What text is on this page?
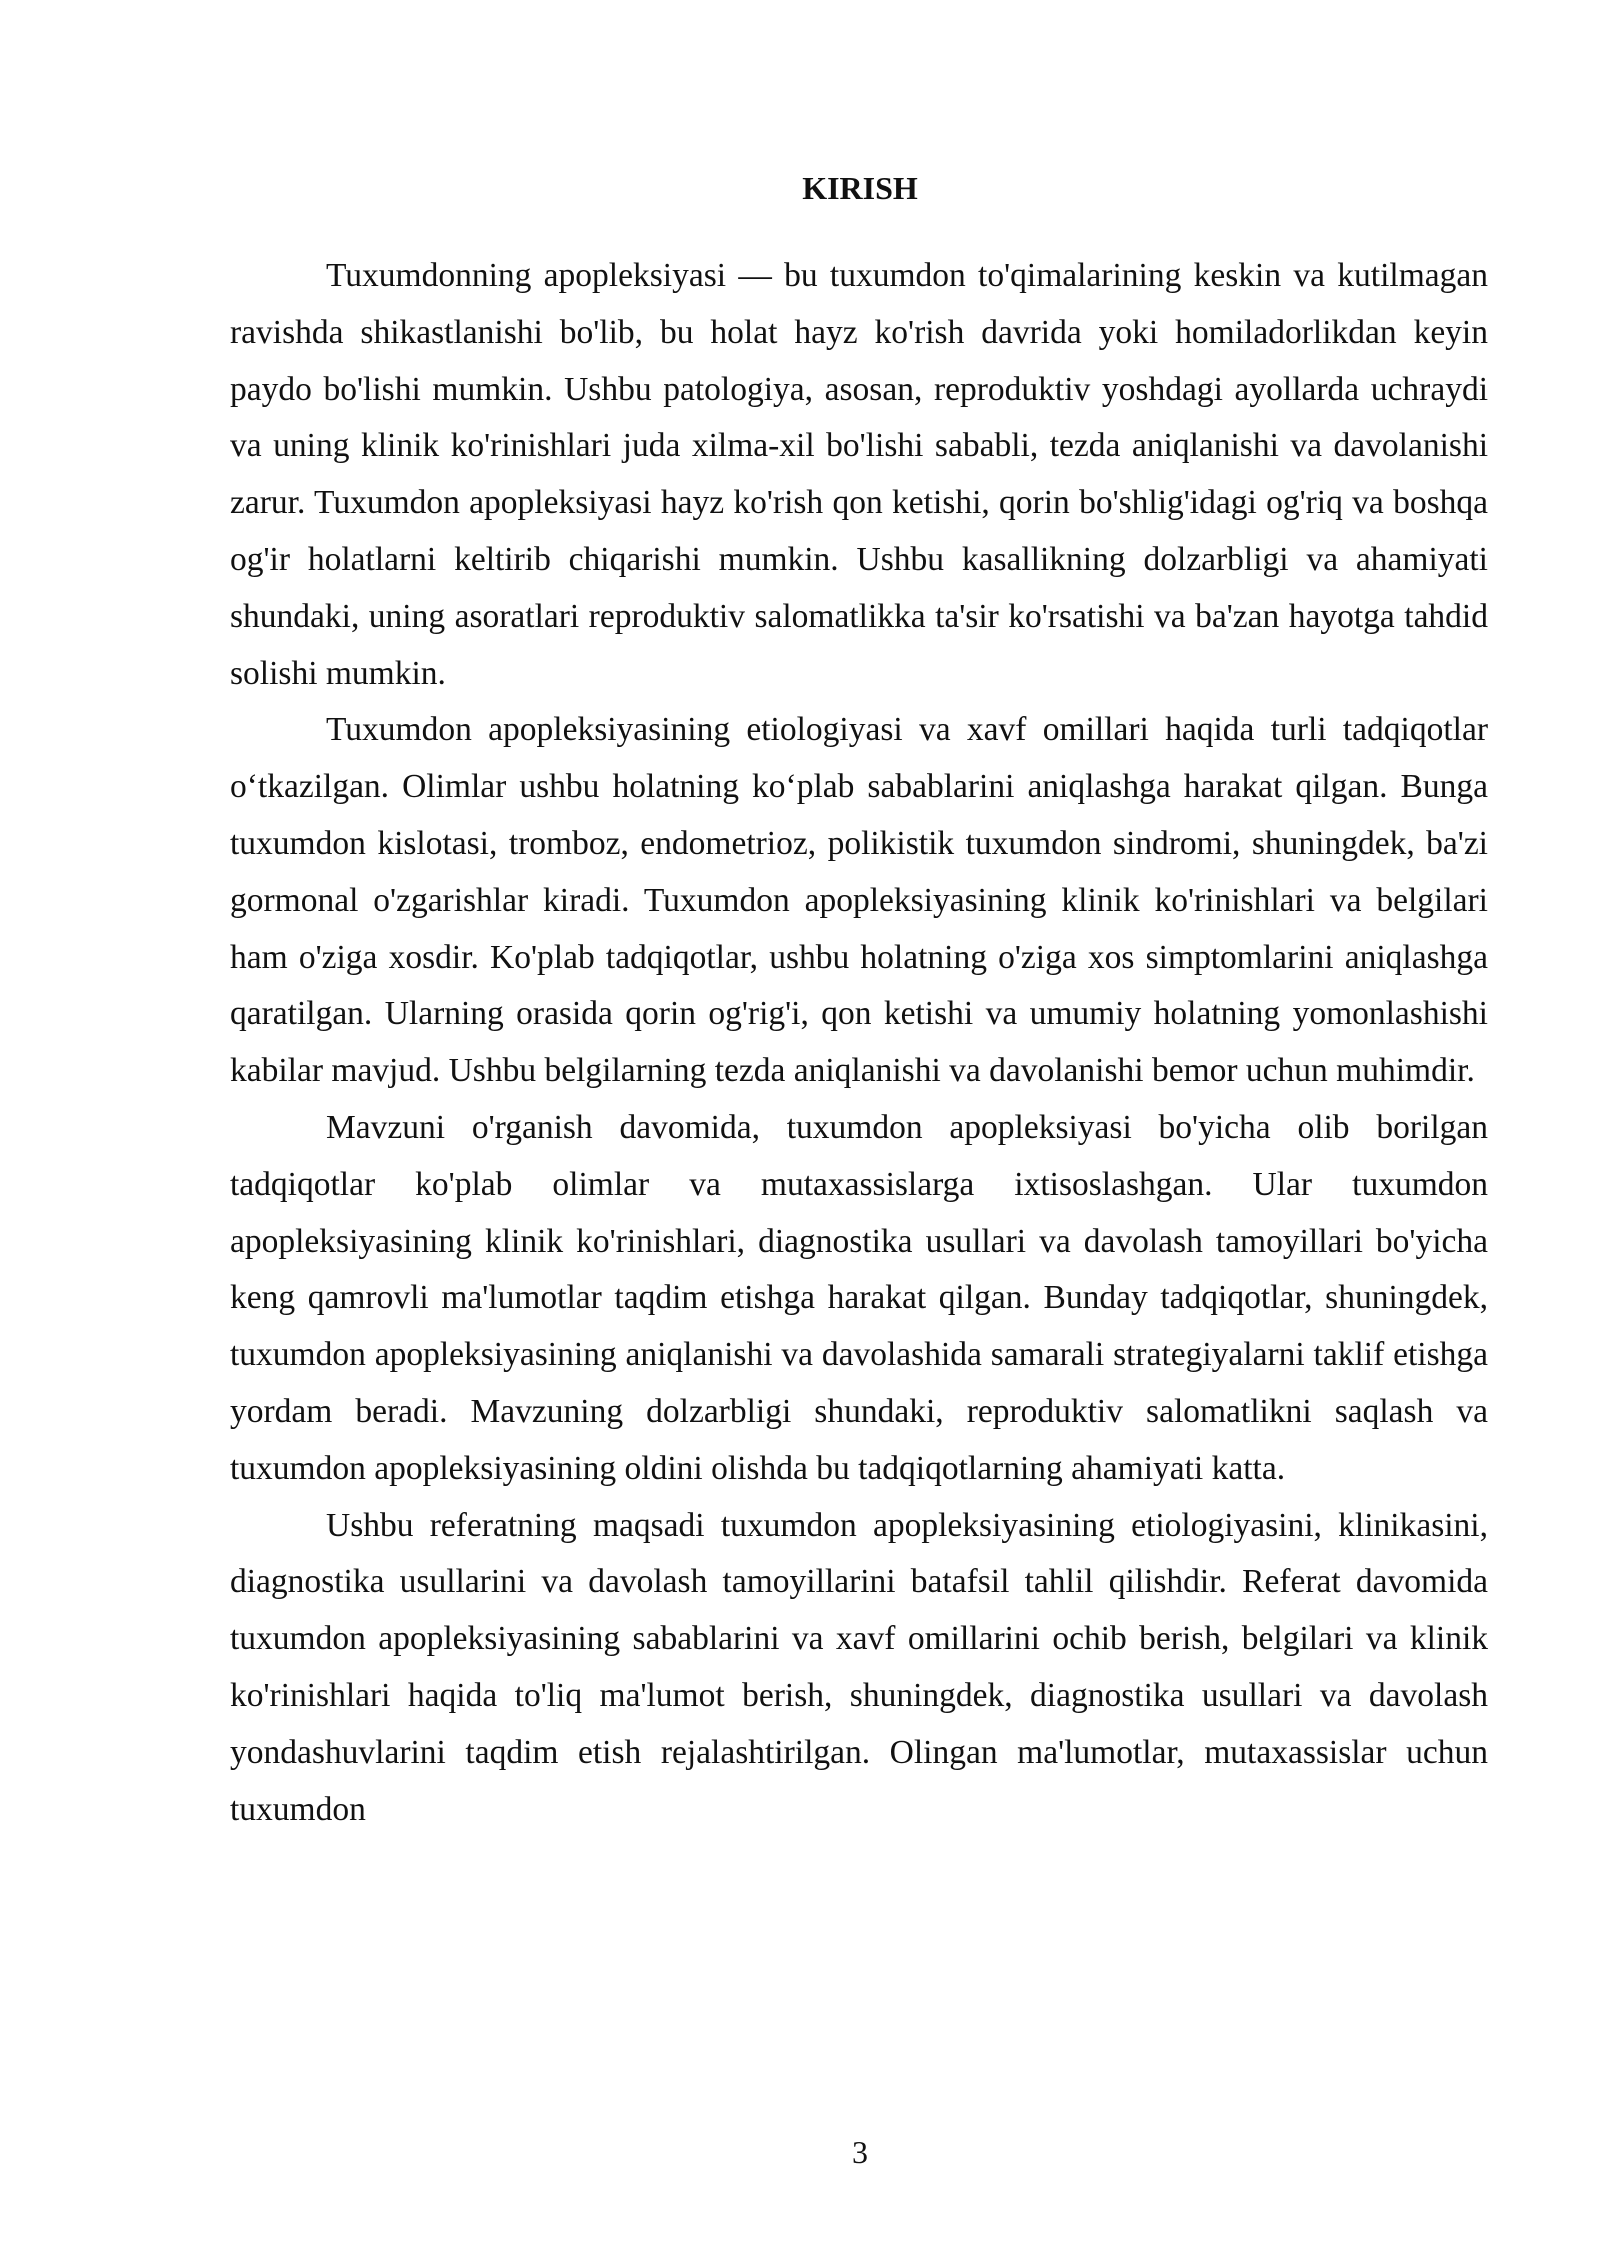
KIRISH

Tuxumdonning apopleksiyasi — bu tuxumdon to'qimalarining keskin va kutilmagan ravishda shikastlanishi bo'lib, bu holat hayz ko'rish davrida yoki homiladorlikdan keyin paydo bo'lishi mumkin. Ushbu patologiya, asosan, reproduktiv yoshdagi ayollarda uchraydi va uning klinik ko'rinishlari juda xilma-xil bo'lishi sababli, tezda aniqlanishi va davolanishi zarur. Tuxumdon apopleksiyasi hayz ko'rish qon ketishi, qorin bo'shlig'idagi og'riq va boshqa og'ir holatlarni keltirib chiqarishi mumkin. Ushbu kasallikning dolzarbligi va ahamiyati shundaki, uning asoratlari reproduktiv salomatlikka ta'sir ko'rsatishi va ba'zan hayotga tahdid solishi mumkin.

Tuxumdon apopleksiyasining etiologiyasi va xavf omillari haqida turli tadqiqotlar o‘tkazilgan. Olimlar ushbu holatning ko‘plab sabablarini aniqlashga harakat qilgan. Bunga tuxumdon kislotasi, tromboz, endometrioz, polikistik tuxumdon sindromi, shuningdek, ba'zi gormonal o'zgarishlar kiradi. Tuxumdon apopleksiyasining klinik ko'rinishlari va belgilari ham o'ziga xosdir. Ko'plab tadqiqotlar, ushbu holatning o'ziga xos simptomlarini aniqlashga qaratilgan. Ularning orasida qorin og'rig'i, qon ketishi va umumiy holatning yomonlashishi kabilar mavjud. Ushbu belgilarning tezda aniqlanishi va davolanishi bemor uchun muhimdir.

Mavzuni o'rganish davomida, tuxumdon apopleksiyasi bo'yicha olib borilgan tadqiqotlar ko'plab olimlar va mutaxassislarga ixtisoslashgan. Ular tuxumdon apopleksiyasining klinik ko'rinishlari, diagnostika usullari va davolash tamoyillari bo'yicha keng qamrovli ma'lumotlar taqdim etishga harakat qilgan. Bunday tadqiqotlar, shuningdek, tuxumdon apopleksiyasining aniqlanishi va davolashida samarali strategiyalarni taklif etishga yordam beradi. Mavzuning dolzarbligi shundaki, reproduktiv salomatlikni saqlash va tuxumdon apopleksiyasining oldini olishda bu tadqiqotlarning ahamiyati katta.

Ushbu referatning maqsadi tuxumdon apopleksiyasining etiologiyasini, klinikasini, diagnostika usullarini va davolash tamoyillarini batafsil tahlil qilishdir. Referat davomida tuxumdon apopleksiyasining sabablarini va xavf omillarini ochib berish, belgilari va klinik ko'rinishlari haqida to'liq ma'lumot berish, shuningdek, diagnostika usullari va davolash yondashuvlarini taqdim etish rejalashtirilgan. Olingan ma'lumotlar, mutaxassislar uchun tuxumdon

3
